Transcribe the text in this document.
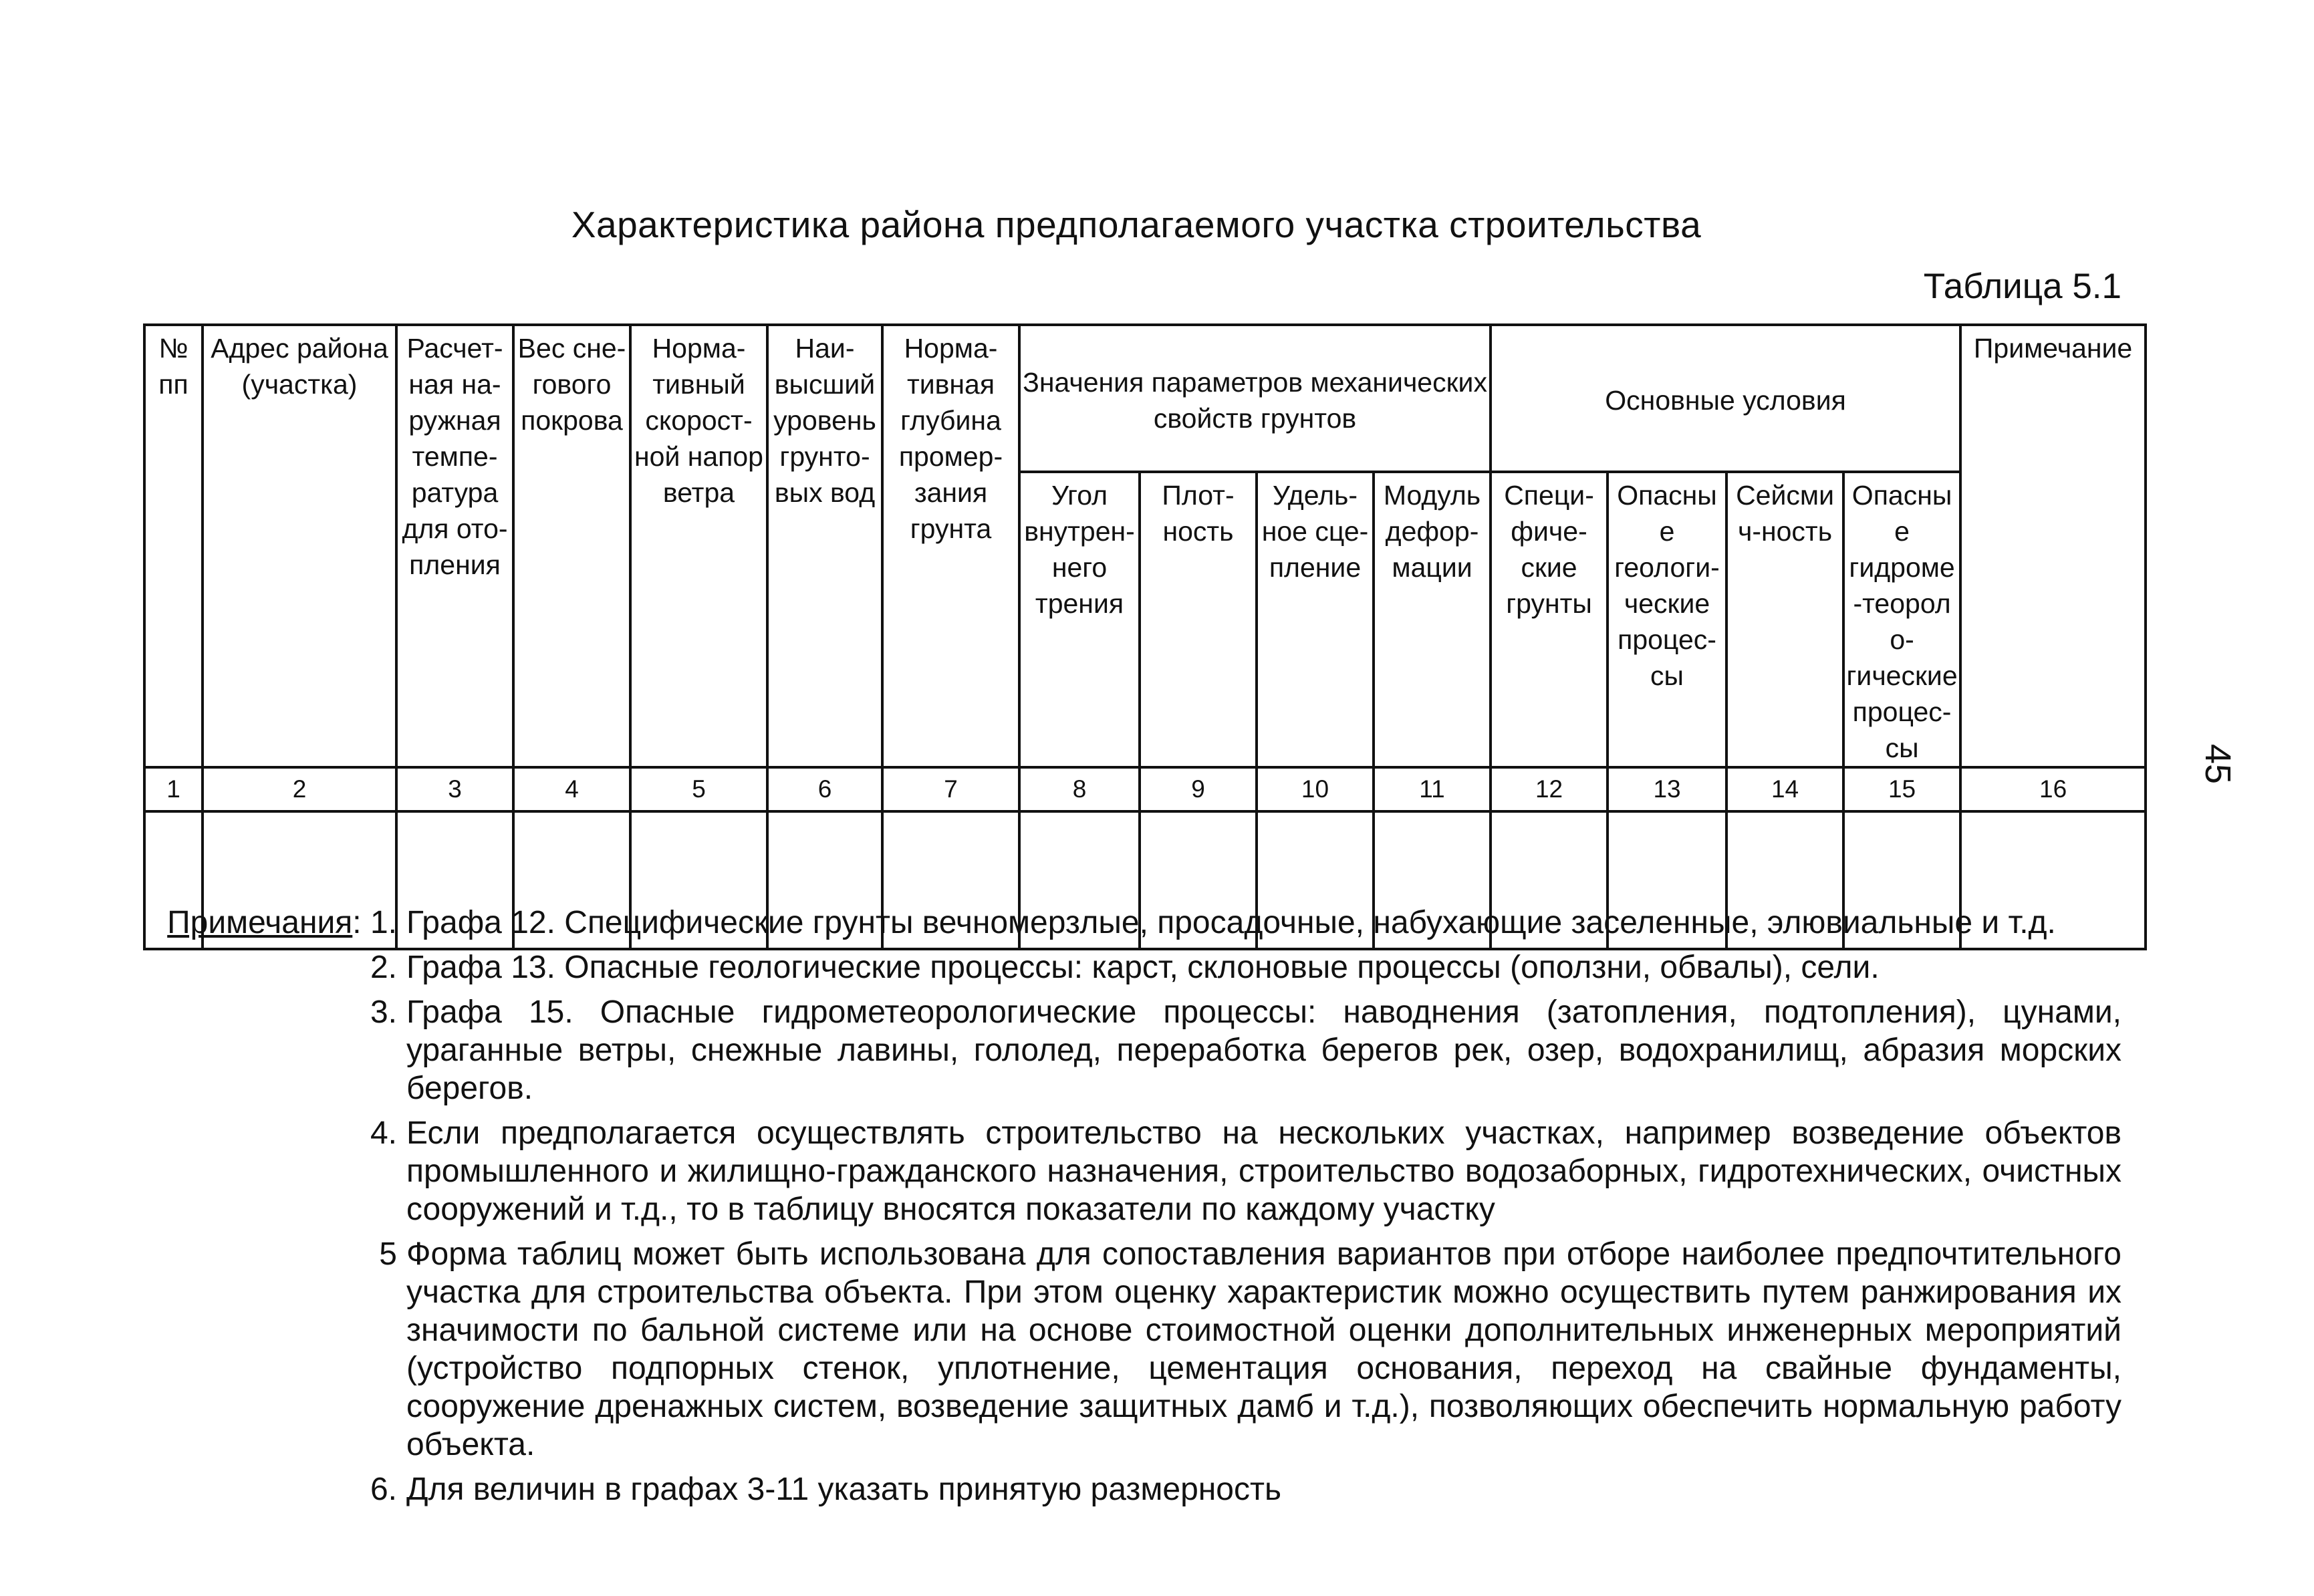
Характеристика района предполагаемого участка строительства
Таблица 5.1
45
№ пп	Адрес района (участка)	Расчет-ная на-ружная темпе-ратура для ото-пления	Вес сне-гового покрова	Норма-тивный скорост-ной напор ветра	Наи-высший уровень грунто-вых вод	Норма-тивная глубина промер-зания грунта	Значения параметров механических свойств грунтов				Основные условия				Примечание
							Угол внутрен-него трения	Плот-ность	Удель-ное сце-пление	Модуль дефор-мации	Специ-фиче-ские грунты	Опасные геологи-ческие процес-сы	Сейсмич-ность	Опасные гидроме-теороло-гические процес-сы	
1	2	3	4	5	6	7	8	9	10	11	12	13	14	15	16

Примечания: 1. Графа 12. Специфические грунты вечномерзлые, просадочные, набухающие заселенные, элювиальные и т.д.
2. Графа 13. Опасные геологические процессы: карст, склоновые процессы (оползни, обвалы), сели.
3. Графа 15. Опасные гидрометеорологические процессы: наводнения (затопления, подтопления), цунами, ураганные ветры, снежные лавины, гололед, переработка берегов рек, озер, водохранилищ, абразия морских берегов.
4. Если предполагается осуществлять строительство на нескольких участках, например возведение объектов промышленного и жилищно-гражданского назначения, строительство водозаборных, гидротехнических, очистных сооружений и т.д., то в таблицу вносятся показатели по каждому участку
5 Форма таблиц может быть использована для сопоставления вариантов при отборе наиболее предпочтительного участка для строительства объекта. При этом оценку характеристик можно осуществить путем ранжирования их значимости по бальной системе или на основе стоимостной оценки дополнительных инженерных мероприятий (устройство подпорных стенок, уплотнение, цементация основания, переход на свайные фундаменты, сооружение дренажных систем, возведение защитных дамб и т.д.), позволяющих обеспечить нормальную работу объекта.
6. Для величин в графах 3-11 указать принятую размерность
